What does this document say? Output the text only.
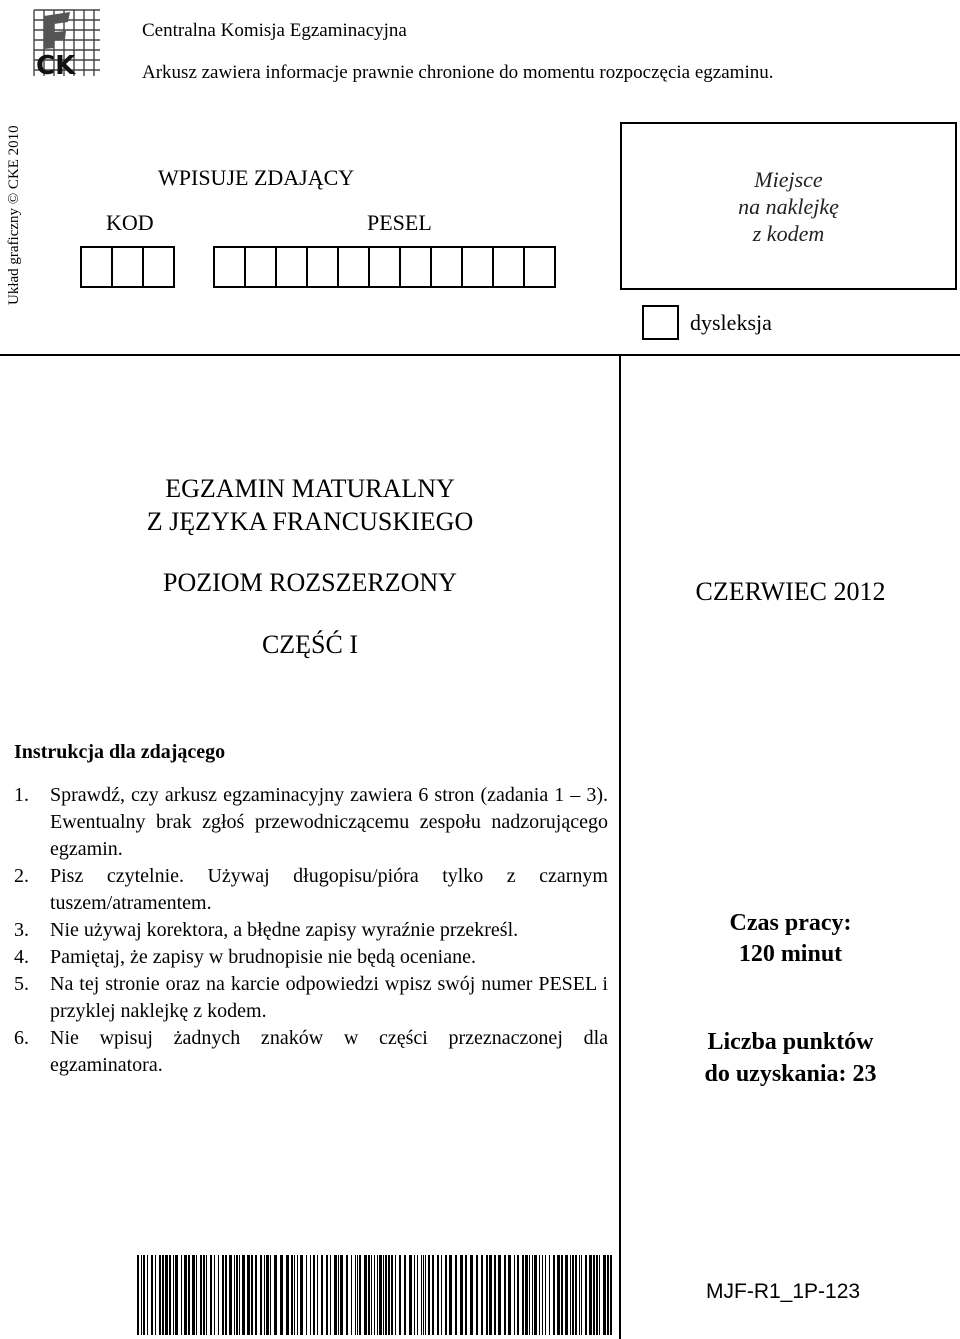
CK
Centralna Komisja Egzaminacyjna
Arkusz zawiera informacje prawnie chronione do momentu rozpoczęcia egzaminu.
Układ graficzny © CKE 2010	WPISUJE ZDAJĄCY
KOD	PESEL
Miejsce
na naklejkę
z kodem
dysleksja
EGZAMIN MATURALNY
Z JĘZYKA FRANCUSKIEGO
POZIOM ROZSZERZONY
CZĘŚĆ I
CZERWIEC 2012
Instrukcja dla zdającego
1.	Sprawdź, czy arkusz egzaminacyjny zawiera 6 stron (zadania 1 – 3). Ewentualny brak zgłoś przewodniczącemu zespołu nadzorującego egzamin.
2.	Pisz czytelnie. Używaj długopisu/pióra tylko z czarnym tuszem/atramentem.
3.	Nie używaj korektora, a błędne zapisy wyraźnie przekreśl.
4.	Pamiętaj, że zapisy w brudnopisie nie będą oceniane.
5.	Na tej stronie oraz na karcie odpowiedzi wpisz swój numer PESEL i przyklej naklejkę z kodem.
6.	Nie wpisuj żadnych znaków w części przeznaczonej dla egzaminatora.
Czas pracy:
120 minut
Liczba punktów
do uzyskania: 23
MJF-R1_1P-123
